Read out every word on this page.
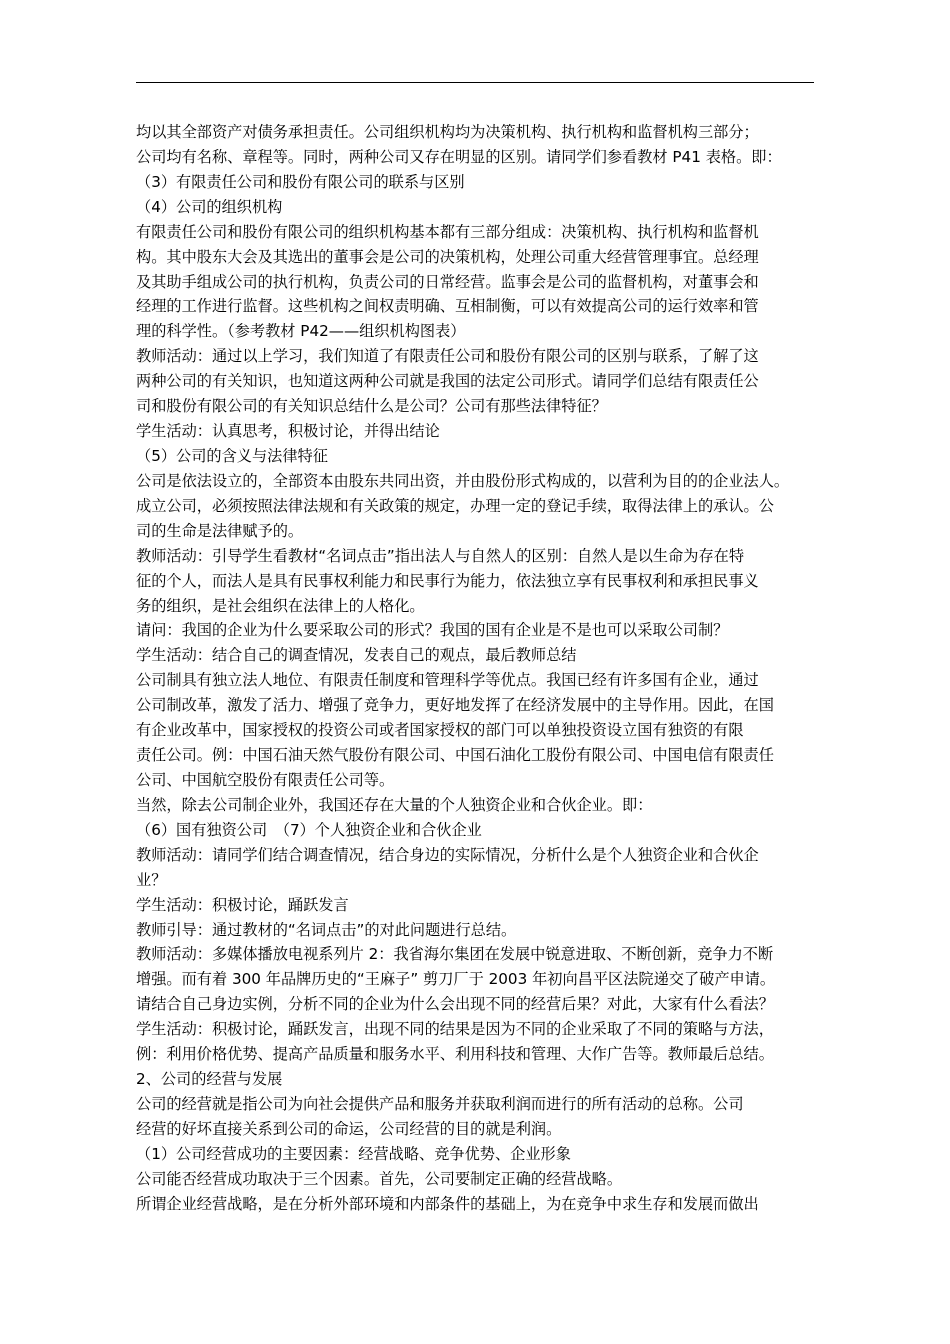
均以其全部资产对债务承担责任。公司组织机构均为决策机构、执行机构和监督机构三部分；
公司均有名称、章程等。同时，两种公司又存在明显的区别。请同学们参看教材 P41 表格。即：
（3）有限责任公司和股份有限公司的联系与区别
（4）公司的组织机构
有限责任公司和股份有限公司的组织机构基本都有三部分组成：决策机构、执行机构和监督机
构。其中股东大会及其选出的董事会是公司的决策机构，处理公司重大经营管理事宜。总经理
及其助手组成公司的执行机构，负责公司的日常经营。监事会是公司的监督机构，对董事会和
经理的工作进行监督。这些机构之间权责明确、互相制衡，可以有效提高公司的运行效率和管
理的科学性。（参考教材 P42——组织机构图表）
教师活动：通过以上学习，我们知道了有限责任公司和股份有限公司的区别与联系，了解了这
两种公司的有关知识，也知道这两种公司就是我国的法定公司形式。请同学们总结有限责任公
司和股份有限公司的有关知识总结什么是公司？公司有那些法律特征？
学生活动：认真思考，积极讨论，并得出结论
（5）公司的含义与法律特征
公司是依法设立的，全部资本由股东共同出资，并由股份形式构成的，以营利为目的的企业法人。
成立公司，必须按照法律法规和有关政策的规定，办理一定的登记手续，取得法律上的承认。公
司的生命是法律赋予的。
教师活动：引导学生看教材“名词点击”指出法人与自然人的区别：自然人是以生命为存在特
征的个人，而法人是具有民事权利能力和民事行为能力，依法独立享有民事权利和承担民事义
务的组织，是社会组织在法律上的人格化。
请问：我国的企业为什么要采取公司的形式？我国的国有企业是不是也可以采取公司制？
学生活动：结合自己的调查情况，发表自己的观点，最后教师总结
公司制具有独立法人地位、有限责任制度和管理科学等优点。我国已经有许多国有企业，通过
公司制改革，激发了活力、增强了竞争力，更好地发挥了在经济发展中的主导作用。因此，在国
有企业改革中，国家授权的投资公司或者国家授权的部门可以单独投资设立国有独资的有限
责任公司。例：中国石油天然气股份有限公司、中国石油化工股份有限公司、中国电信有限责任
公司、中国航空股份有限责任公司等。
当然，除去公司制企业外，我国还存在大量的个人独资企业和合伙企业。即：
（6）国有独资公司　（7）个人独资企业和合伙企业
教师活动：请同学们结合调查情况，结合身边的实际情况，分析什么是个人独资企业和合伙企
业？
学生活动：积极讨论，踊跃发言
教师引导：通过教材的“名词点击”的对此问题进行总结。
教师活动：多媒体播放电视系列片 2：我省海尔集团在发展中锐意进取、不断创新，竞争力不断
增强。而有着 300 年品牌历史的“王麻子” 剪刀厂于 2003 年初向昌平区法院递交了破产申请。
请结合自己身边实例，分析不同的企业为什么会出现不同的经营后果？对此，大家有什么看法？
学生活动：积极讨论，踊跃发言，出现不同的结果是因为不同的企业采取了不同的策略与方法，
例：利用价格优势、提高产品质量和服务水平、利用科技和管理、大作广告等。教师最后总结。
2、公司的经营与发展
公司的经营就是指公司为向社会提供产品和服务并获取利润而进行的所有活动的总称。公司
经营的好坏直接关系到公司的命运，公司经营的目的就是利润。
（1）公司经营成功的主要因素：经营战略、竞争优势、企业形象
公司能否经营成功取决于三个因素。首先，公司要制定正确的经营战略。
所谓企业经营战略，是在分析外部环境和内部条件的基础上，为在竞争中求生存和发展而做出
